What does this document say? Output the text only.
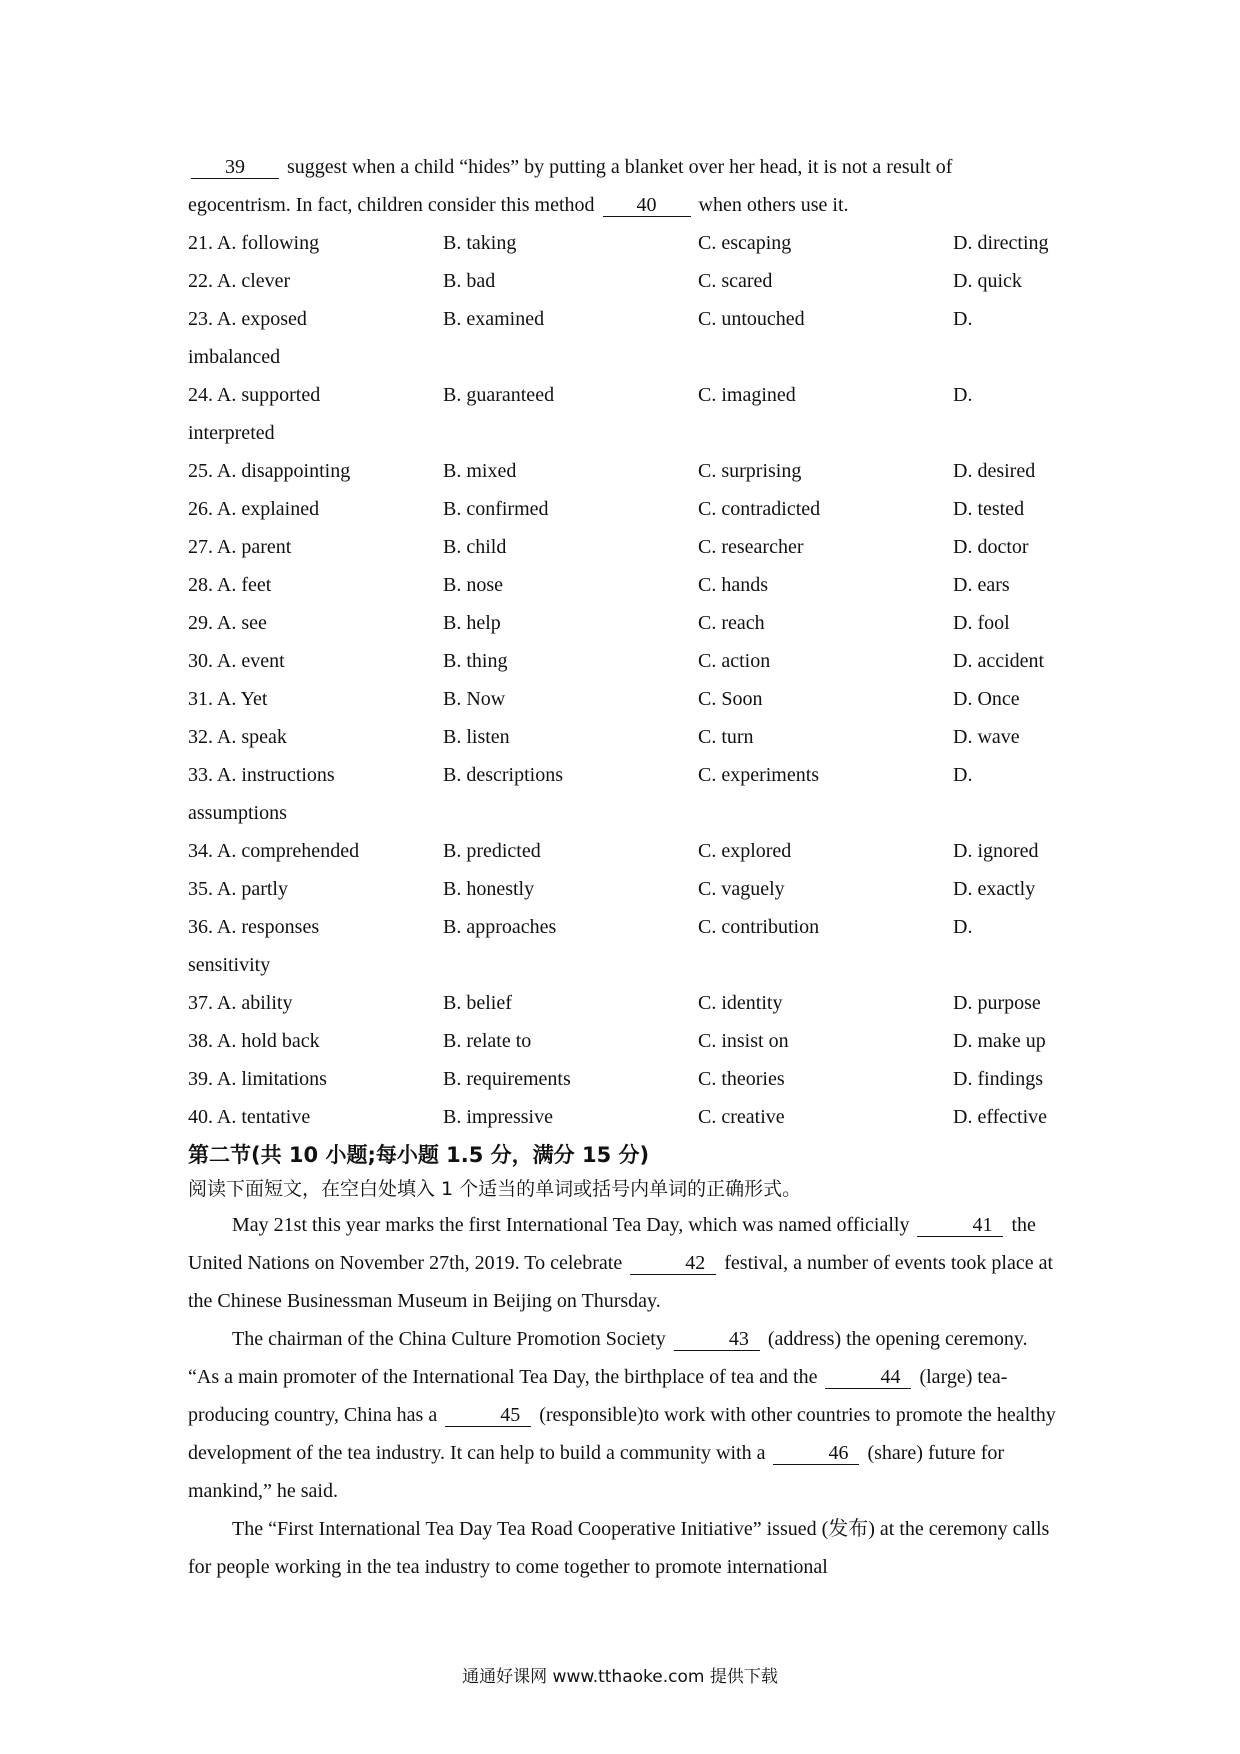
39 suggest when a child “hides” by putting a blanket over her head, it is not a result of egocentrism. In fact, children consider this method 40 when others use it.

21. A. following	B. taking	C. escaping	D. directing
22. A. clever	B. bad	C. scared	D. quick
23. A. exposed	B. examined	C. untouched	D.
imbalanced
24. A. supported	B. guaranteed	C. imagined	D.
interpreted
25. A. disappointing	B. mixed	C. surprising	D. desired
26. A. explained	B. confirmed	C. contradicted	D. tested
27. A. parent	B. child	C. researcher	D. doctor
28. A. feet	B. nose	C. hands	D. ears
29. A. see	B. help	C. reach	D. fool
30. A. event	B. thing	C. action	D. accident
31. A. Yet	B. Now	C. Soon	D. Once
32. A. speak	B. listen	C. turn	D. wave
33. A. instructions	B. descriptions	C. experiments	D.
assumptions
34. A. comprehended	B. predicted	C. explored	D. ignored
35. A. partly	B. honestly	C. vaguely	D. exactly
36. A. responses	B. approaches	C. contribution	D.
sensitivity
37. A. ability	B. belief	C. identity	D. purpose
38. A. hold back	B. relate to	C. insist on	D. make up
39. A. limitations	B. requirements	C. theories	D. findings
40. A. tentative	B. impressive	C. creative	D. effective
第二节(共 10 小题;每小题 1.5 分，满分 15 分)
阅读下面短文，在空白处填入 1 个适当的单词或括号内单词的正确形式。

May 21st this year marks the first International Tea Day, which was named officially	41 the United Nations on November 27th, 2019. To celebrate	42 festival, a number of events took place at the Chinese Businessman Museum in Beijing on Thursday.

The chairman of the China Culture Promotion Society	43 (address) the opening ceremony. “As a main promoter of the International Tea Day, the birthplace of tea and the	44 (large) tea-producing country, China has a	45 (responsible)to work with other countries to promote the healthy development of the tea industry. It can help to build a community with a	46 (share) future for mankind,” he said.

The “First International Tea Day Tea Road Cooperative Initiative” issued (发布) at the ceremony calls for people working in the tea industry to come together to promote international

通通好课网 www.tthaoke.com 提供下载
